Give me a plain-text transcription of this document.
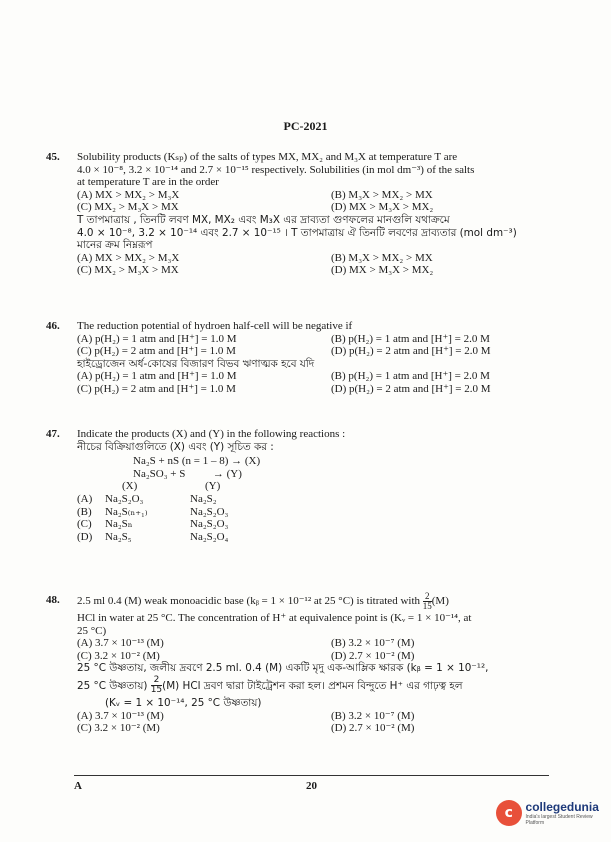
PC-2021
45. Solubility products (Kₛₚ) of the salts of types MX, MX₂ and M₃X at temperature T are
4.0 × 10⁻⁸, 3.2 × 10⁻¹⁴ and 2.7 × 10⁻¹⁵ respectively. Solubilities (in mol dm⁻³) of the salts
at temperature T are in the order
(A) MX > MX₂ > M₃X	(B) M₃X > MX₂ > MX
(C) MX₂ > M₃X > MX	(D) MX > M₃X > MX₂
T তাপমাত্রায় , তিনটি লবণ MX, MX₂ এবং M₃X এর দ্রাব্যতা গুণফলের মানগুলি যথাক্রমে
4.0 × 10⁻⁸, 3.2 × 10⁻¹⁴ এবং 2.7 × 10⁻¹⁵ । T তাপমাত্রায় ঐ তিনটি লবণের দ্রাব্যতার (mol dm⁻³)
মানের ক্রম নিম্নরূপ
(A) MX > MX₂ > M₃X	(B) M₃X > MX₂ > MX
(C) MX₂ > M₃X > MX	(D) MX > M₃X > MX₂
46. The reduction potential of hydroen half-cell will be negative if
(A) p(H₂) = 1 atm and [H⁺] = 1.0 M	(B) p(H₂) = 1 atm and [H⁺] = 2.0 M
(C) p(H₂) = 2 atm and [H⁺] = 1.0 M	(D) p(H₂) = 2 atm and [H⁺] = 2.0 M
হাইড্রোজেন অর্ধ-কোষের বিজারণ বিভব ঋণাত্মক হবে যদি
(A) p(H₂) = 1 atm and [H⁺] = 1.0 M	(B) p(H₂) = 1 atm and [H⁺] = 2.0 M
(C) p(H₂) = 2 atm and [H⁺] = 1.0 M	(D) p(H₂) = 2 atm and [H⁺] = 2.0 M
47. Indicate the products (X) and (Y) in the following reactions :
নীচের বিক্রিয়াগুলিতে (X) এবং (Y) সূচিত কর :
Na₂S + nS (n = 1 – 8) → (X)
Na₂SO₃ + S          → (Y)
(X)	(Y)
(A) Na₂S₂O₃	Na₂S₂
(B) Na₂S₍ₙ₊₁₎	Na₂S₂O₃
(C) Na₂Sₙ	Na₂S₂O₃
(D) Na₂S₅	Na₂S₂O₄
48. 2.5 ml 0.4 (M) weak monoacidic base (kᵦ = 1 × 10⁻¹² at 25 °C) is titrated with $\frac{2}{15} (M)$
HCl in water at 25 °C. The concentration of H⁺ at equivalence point is (Kᵥ = 1 × 10⁻¹⁴, at
25 °C)
(A) 3.7 × 10⁻¹³ (M)	(B) 3.2 × 10⁻⁷ (M)
(C) 3.2 × 10⁻² (M)	(D) 2.7 × 10⁻² (M)
25 °C উষ্ণতায়, জলীয় দ্রবণে 2.5 ml. 0.4 (M) একটি মৃদু এক-আম্লিক ক্ষারক (kᵦ = 1 × 10⁻¹²,
25 °C উষ্ণতায়) $\frac{2}{15} (M)$ HCl দ্রবণ দ্বারা টাইট্রেশন করা হল। প্রশমন বিন্দুতে H⁺ এর গাঢ়ত্ব হল
(Kᵥ = 1 × 10⁻¹⁴, 25 °C উষ্ণতায়)
(A) 3.7 × 10⁻¹³ (M)	(B) 3.2 × 10⁻⁷ (M)
(C) 3.2 × 10⁻² (M)	(D) 2.7 × 10⁻² (M)
A	20
c	collegedunia
India's largest Student Review Platform
